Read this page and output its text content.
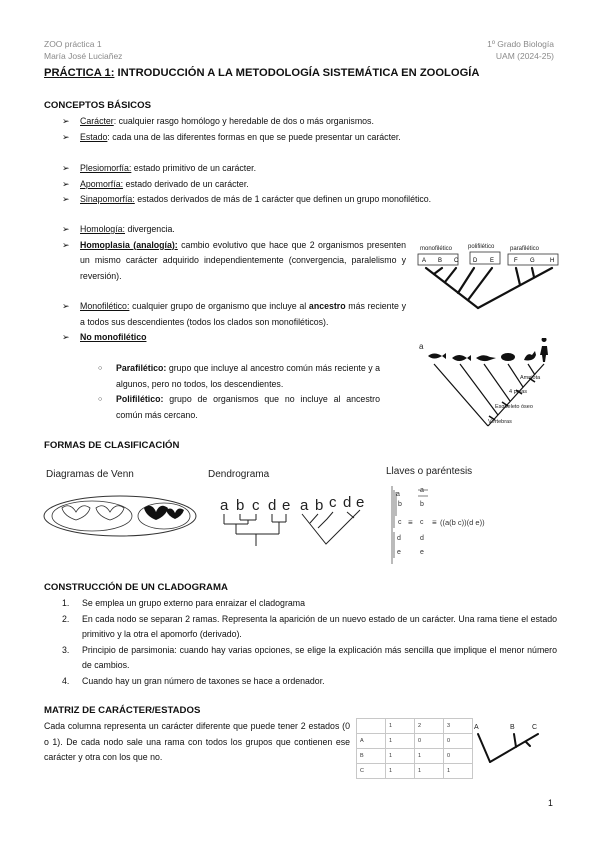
ZOO práctica 1
María José Luciañez
1º Grado Biología
UAM (2024-25)
PRÁCTICA 1: INTRODUCCIÓN A LA METODOLOGÍA SISTEMÁTICA EN ZOOLOGÍA
CONCEPTOS BÁSICOS
➢ Carácter: cualquier rasgo homólogo y heredable de dos o más organismos.
➢ Estado: cada una de las diferentes formas en que se puede presentar un carácter.
➢ Plesiomorfía: estado primitivo de un carácter.
➢ Apomorfía: estado derivado de un carácter.
➢ Sinapomorfía: estados derivados de más de 1 carácter que definen un grupo monofilético.
➢ Homología: divergencia.
➢ Homoplasia (analogía): cambio evolutivo que hace que 2 organismos presenten un mismo carácter adquirido independientemente (convergencia, paralelismo y reversión).
➢ Monofilético: cualquier grupo de organismo que incluye al ancestro más reciente y a todos sus descendientes (todos los clados son monofiléticos).
➢ No monofilético
○ Parafilético: grupo que incluye al ancestro común más reciente y a algunos, pero no todos, los descendientes.
○ Polifilético: grupo de organismos que no incluye al ancestro común más cercano.
monofilético	polifilético	parafilético
A B C D E	F G	H
a
Amniota
4 patas
Esqueleto óseo
Vértebras
FORMAS DE CLASIFICACIÓN
Diagramas de Venn	Dendrograma
a b c d e a b c d e
Llaves o paréntesis
a
b
c
d
e
≡
a
b
c
d
e
≡ ((a(b c))(d e))
CONSTRUCCIÓN DE UN CLADOGRAMA
1. Se emplea un grupo externo para enraizar el cladograma
2. En cada nodo se separan 2 ramas. Representa la aparición de un nuevo estado de un carácter. Una rama tiene el estado primitivo y la otra el apomorfo (derivado).
3. Principio de parsimonia: cuando hay varias opciones, se elige la explicación más sencilla que implique el menor número de cambios.
4. Cuando hay un gran número de taxones se hace a ordenador.
MATRIZ DE CARÁCTER/ESTADOS
Cada columna representa un carácter diferente que puede tener 2 estados (0 o 1). De cada nodo sale una rama con todos los grupos que contienen ese carácter y otra con los que no.
	1	2	3
A	1	0	0
B	1	1	0
C	1	1	1
A	B C
1
